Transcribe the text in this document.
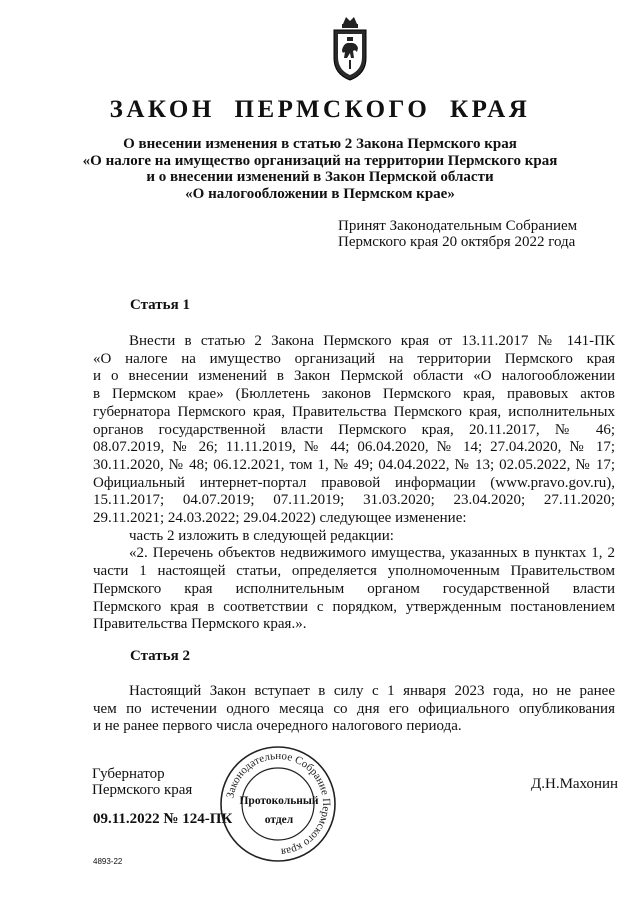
ЗАКОН ПЕРМСКОГО КРАЯ
О внесении изменения в статью 2 Закона Пермского края
«О налоге на имущество организаций на территории Пермского края
и о внесении изменений в Закон Пермской области
«О налогообложении в Пермском крае»
Принят Законодательным Собранием
Пермского края 20 октября 2022 года
Статья 1
Внести в статью 2 Закона Пермского края от 13.11.2017 № 141-ПК
«О налоге на имущество организаций на территории Пермского края
и о внесении изменений в Закон Пермской области «О налогообложении
в Пермском крае» (Бюллетень законов Пермского края, правовых актов
губернатора Пермского края, Правительства Пермского края, исполнительных
органов государственной власти Пермского края, 20.11.2017, № 46;
08.07.2019, № 26; 11.11.2019, № 44; 06.04.2020, № 14; 27.04.2020, № 17;
30.11.2020, № 48; 06.12.2021, том 1, № 49; 04.04.2022, № 13; 02.05.2022, № 17;
Официальный интернет-портал правовой информации (www.pravo.gov.ru),
15.11.2017; 04.07.2019; 07.11.2019; 31.03.2020; 23.04.2020; 27.11.2020;
29.11.2021; 24.03.2022; 29.04.2022) следующее изменение:
часть 2 изложить в следующей редакции:
«2. Перечень объектов недвижимого имущества, указанных в пунктах 1, 2
части 1 настоящей статьи, определяется уполномоченным Правительством
Пермского края исполнительным органом государственной власти
Пермского края в соответствии с порядком, утвержденным постановлением
Правительства Пермского края.».
Статья 2
Настоящий Закон вступает в силу с 1 января 2023 года, но не ранее
чем по истечении одного месяца со дня его официального опубликования
и не ранее первого числа очередного налогового периода.
Губернатор
Пермского края	Д.Н.Махонин
09.11.2022 № 124-ПК
Законодательное Собрание Пермского края
Протокольный
отдел
4893-22
